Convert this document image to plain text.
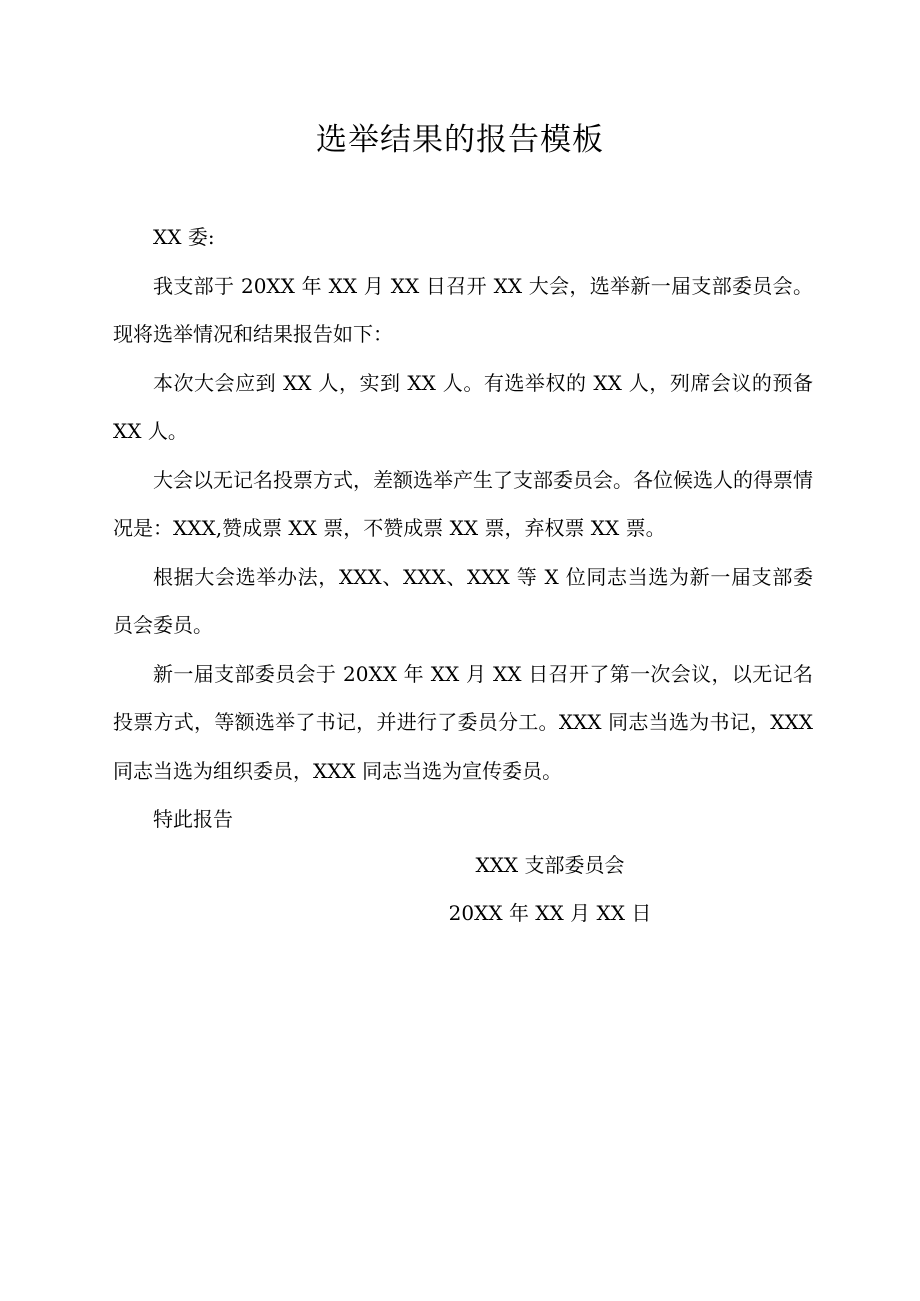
选举结果的报告模板

XX 委:

我支部于 20XX 年 XX 月 XX 日召开 XX 大会，选举新一届支部委员会。现将选举情况和结果报告如下：

本次大会应到 XX 人，实到 XX 人。有选举权的 XX 人，列席会议的预备 XX 人。

大会以无记名投票方式，差额选举产生了支部委员会。各位候选人的得票情况是：XXX,赞成票 XX 票，不赞成票 XX 票，弃权票 XX 票。

根据大会选举办法，XXX、XXX、XXX 等 X 位同志当选为新一届支部委员会委员。

新一届支部委员会于 20XX 年 XX 月 XX 日召开了第一次会议，以无记名投票方式，等额选举了书记，并进行了委员分工。XXX 同志当选为书记，XXX 同志当选为组织委员，XXX 同志当选为宣传委员。

特此报告

XXX 支部委员会
20XX 年 XX 月 XX 日
